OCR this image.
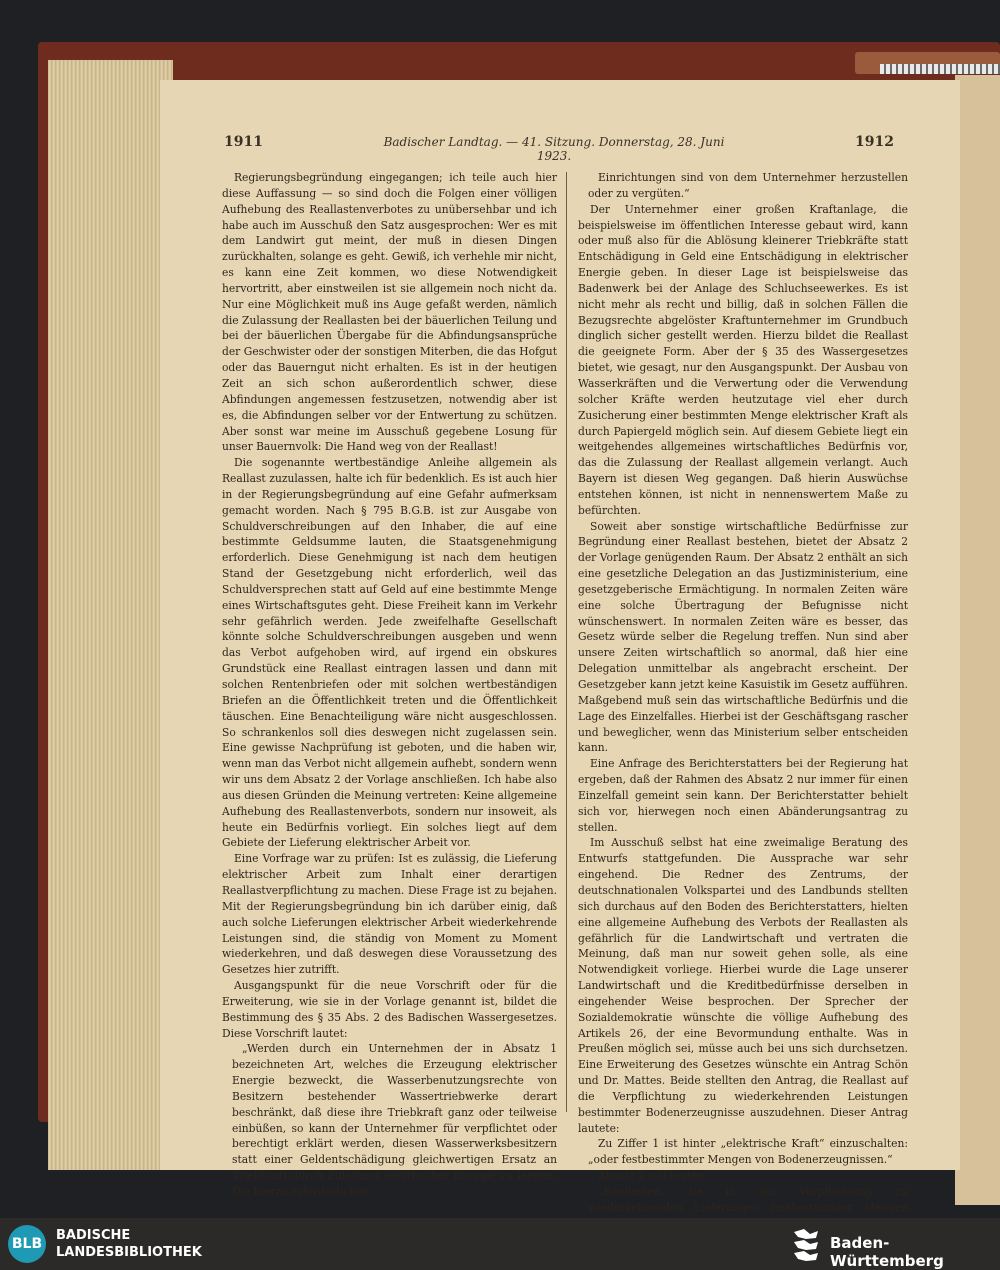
1911	Badischer Landtag. — 41. Sitzung. Donnerstag, 28. Juni 1923.
1912

Regierungsbegründung eingegangen; ich teile auch hier diese Auffassung — so sind doch die Folgen einer völligen Aufhebung des Reallastenverbotes zu unübersehbar und ich habe auch im Ausschuß den Satz ausgesprochen: Wer es mit dem Landwirt gut meint, der muß in diesen Dingen zurückhalten, solange es geht. Gewiß, ich verhehle mir nicht, es kann eine Zeit kommen, wo diese Notwendigkeit hervortritt, aber einstweilen ist sie allgemein noch nicht da. Nur eine Möglichkeit muß ins Auge gefaßt werden, nämlich die Zulassung der Reallasten bei der bäuerlichen Teilung und bei der bäuerlichen Übergabe für die Abfindungsansprüche der Geschwister oder der sonstigen Miterben, die das Hofgut oder das Bauerngut nicht erhalten. Es ist in der heutigen Zeit an sich schon außerordentlich schwer, diese Abfindungen angemessen festzusetzen, notwendig aber ist es, die Abfindungen selber vor der Entwertung zu schützen. Aber sonst war meine im Ausschuß gegebene Losung für unser Bauernvolk: Die Hand weg von der Reallast!

Die sogenannte wertbeständige Anleihe allgemein als Reallast zuzulassen, halte ich für bedenklich. Es ist auch hier in der Regierungsbegründung auf eine Gefahr aufmerksam gemacht worden. Nach § 795 B.G.B. ist zur Ausgabe von Schuldverschreibungen auf den Inhaber, die auf eine bestimmte Geldsumme lauten, die Staatsgenehmigung erforderlich. Diese Genehmigung ist nach dem heutigen Stand der Gesetzgebung nicht erforderlich, weil das Schuldversprechen statt auf Geld auf eine bestimmte Menge eines Wirtschaftsgutes geht. Diese Freiheit kann im Verkehr sehr gefährlich werden. Jede zweifelhafte Gesellschaft könnte solche Schuldverschreibungen ausgeben und wenn das Verbot aufgehoben wird, auf irgend ein obskures Grundstück eine Reallast eintragen lassen und dann mit solchen Rentenbriefen oder mit solchen wertbeständigen Briefen an die Öffentlichkeit treten und die Öffentlichkeit täuschen. Eine Benachteiligung wäre nicht ausgeschlossen. So schrankenlos soll dies deswegen nicht zugelassen sein. Eine gewisse Nachprüfung ist geboten, und die haben wir, wenn man das Verbot nicht allgemein aufhebt, sondern wenn wir uns dem Absatz 2 der Vorlage anschließen. Ich habe also aus diesen Gründen die Meinung vertreten: Keine allgemeine Aufhebung des Reallastenverbots, sondern nur insoweit, als heute ein Bedürfnis vorliegt. Ein solches liegt auf dem Gebiete der Lieferung elektrischer Arbeit vor.

Eine Vorfrage war zu prüfen: Ist es zulässig, die Lieferung elektrischer Arbeit zum Inhalt einer derartigen Reallastverpflichtung zu machen. Diese Frage ist zu bejahen. Mit der Regierungsbegründung bin ich darüber einig, daß auch solche Lieferungen elektrischer Arbeit wiederkehrende Leistungen sind, die ständig von Moment zu Moment wiederkehren, und daß deswegen diese Voraussetzung des Gesetzes hier zutrifft.

Ausgangspunkt für die neue Vorschrift oder für die Erweiterung, wie sie in der Vorlage genannt ist, bildet die Bestimmung des § 35 Abs. 2 des Badischen Wassergesetzes. Diese Vorschrift lautet:

„Werden durch ein Unternehmen der in Absatz 1 bezeichneten Art, welches die Erzeugung elektrischer Energie bezweckt, die Wasserbenutzungsrechte von Besitzern bestehender Wassertriebwerke derart beschränkt, daß diese ihre Triebkraft ganz oder teilweise einbüßen, so kann der Unternehmer für verpflichtet oder berechtigt erklärt werden, diesen Wasserwerksbesitzern statt einer Geldentschädigung gleichwertigen Ersatz an Triebkraft durch Zuleitung elektrischer Energie zu leisten. Die hierzu erforderlichen

Einrichtungen sind von dem Unternehmer herzustellen oder zu vergüten.“

Der Unternehmer einer großen Kraftanlage, die beispielsweise im öffentlichen Interesse gebaut wird, kann oder muß also für die Ablösung kleinerer Triebkräfte statt Entschädigung in Geld eine Entschädigung in elektrischer Energie geben. In dieser Lage ist beispielsweise das Badenwerk bei der Anlage des Schluchseewerkes. Es ist nicht mehr als recht und billig, daß in solchen Fällen die Bezugsrechte abgelöster Kraftunternehmer im Grundbuch dinglich sicher gestellt werden. Hierzu bildet die Reallast die geeignete Form. Aber der § 35 des Wassergesetzes bietet, wie gesagt, nur den Ausgangspunkt. Der Ausbau von Wasserkräften und die Verwertung oder die Verwendung solcher Kräfte werden heutzutage viel eher durch Zusicherung einer bestimmten Menge elektrischer Kraft als durch Papiergeld möglich sein. Auf diesem Gebiete liegt ein weitgehendes allgemeines wirtschaftliches Bedürfnis vor, das die Zulassung der Reallast allgemein verlangt. Auch Bayern ist diesen Weg gegangen. Daß hierin Auswüchse entstehen können, ist nicht in nennenswertem Maße zu befürchten.

Soweit aber sonstige wirtschaftliche Bedürfnisse zur Begründung einer Reallast bestehen, bietet der Absatz 2 der Vorlage genügenden Raum. Der Absatz 2 enthält an sich eine gesetzliche Delegation an das Justizministerium, eine gesetzgeberische Ermächtigung. In normalen Zeiten wäre eine solche Übertragung der Befugnisse nicht wünschenswert. In normalen Zeiten wäre es besser, das Gesetz würde selber die Regelung treffen. Nun sind aber unsere Zeiten wirtschaftlich so anormal, daß hier eine Delegation unmittelbar als angebracht erscheint. Der Gesetzgeber kann jetzt keine Kasuistik im Gesetz aufführen. Maßgebend muß sein das wirtschaftliche Bedürfnis und die Lage des Einzelfalles. Hierbei ist der Geschäftsgang rascher und beweglicher, wenn das Ministerium selber entscheiden kann.

Eine Anfrage des Berichterstatters bei der Regierung hat ergeben, daß der Rahmen des Absatz 2 nur immer für einen Einzelfall gemeint sein kann. Der Berichterstatter behielt sich vor, hierwegen noch einen Abänderungsantrag zu stellen.

Im Ausschuß selbst hat eine zweimalige Beratung des Entwurfs stattgefunden. Die Aussprache war sehr eingehend. Die Redner des Zentrums, der deutschnationalen Volkspartei und des Landbunds stellten sich durchaus auf den Boden des Berichterstatters, hielten eine allgemeine Aufhebung des Verbots der Reallasten als gefährlich für die Landwirtschaft und vertraten die Meinung, daß man nur soweit gehen solle, als eine Notwendigkeit vorliege. Hierbei wurde die Lage unserer Landwirtschaft und die Kreditbedürfnisse derselben in eingehender Weise besprochen. Der Sprecher der Sozialdemokratie wünschte die völlige Aufhebung des Artikels 26, der eine Bevormundung enthalte. Was in Preußen möglich sei, müsse auch bei uns sich durchsetzen. Eine Erweiterung des Gesetzes wünschte ein Antrag Schön und Dr. Mattes. Beide stellten den Antrag, die Reallast auf die Verpflichtung zu wiederkehrenden Leistungen bestimmter Bodenerzeugnisse auszudehnen. Dieser Antrag lautete:

Zu Ziffer 1 ist hinter „elektrische Kraft“ einzuschalten: „oder festbestimmter Mengen von Bodenerzeugnissen.“

Absatz 2 soll lauten:

„Reallasten, die in der Verpflichtung zu wiederkehrenden Lieferungen festbestimmter Mengen

BLB
BADISCHE
LANDESBIBLIOTHEK
Baden-Württemberg
